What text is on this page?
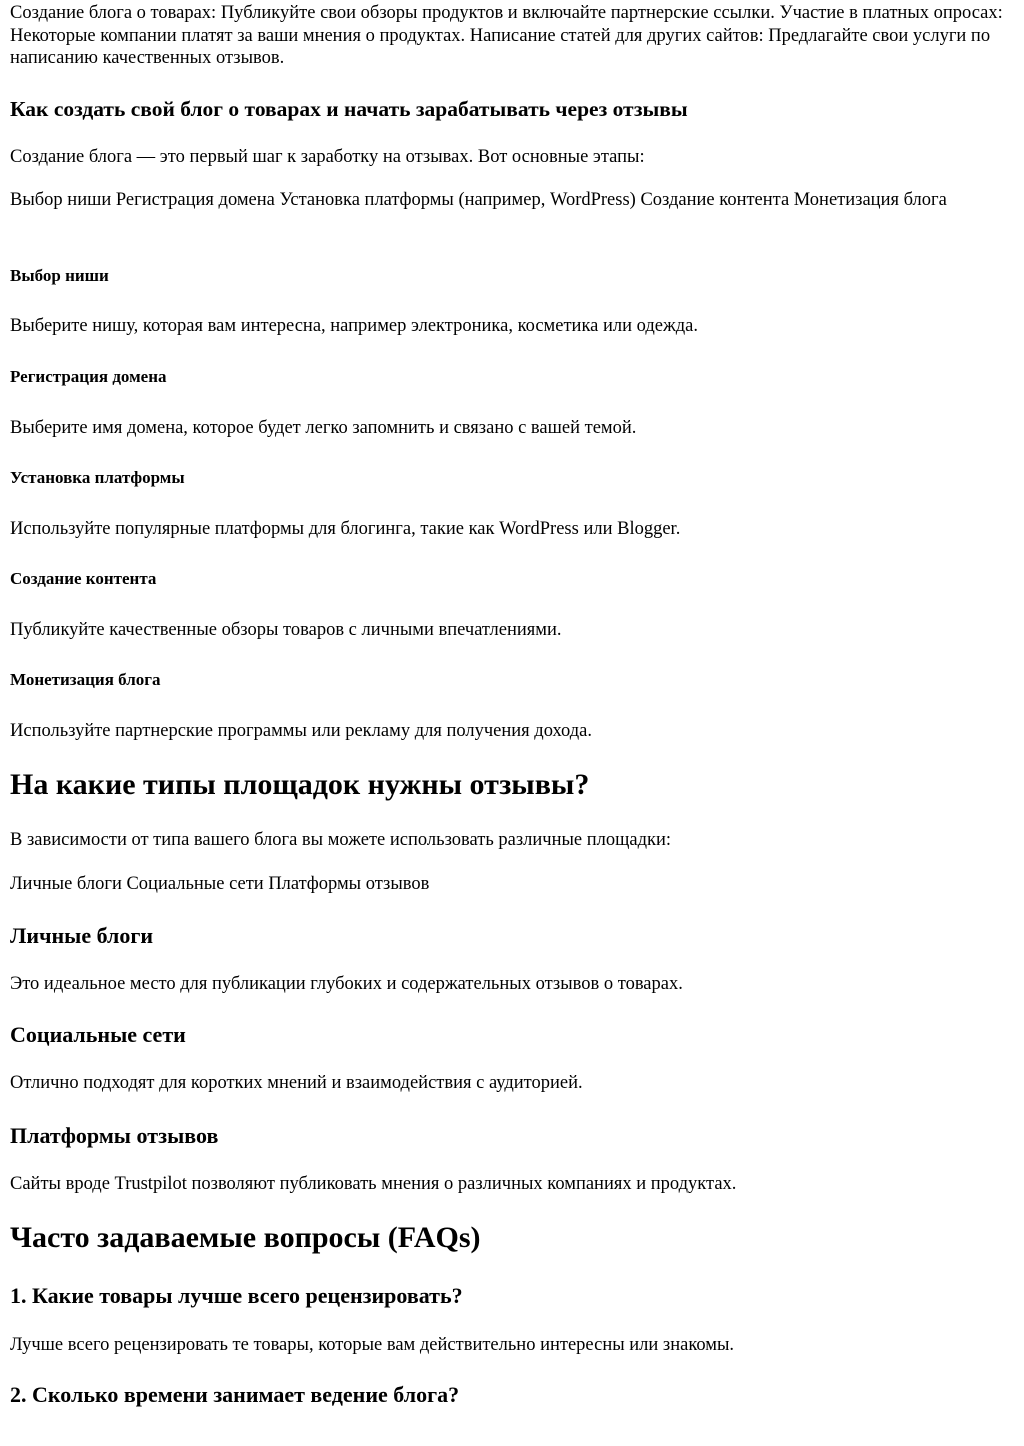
Создание блога о товарах: Публикуйте свои обзоры продуктов и включайте партнерские ссылки. Участие в платных опросах: Некоторые компании платят за ваши мнения о продуктах. Написание статей для других сайтов: Предлагайте свои услуги по написанию качественных отзывов.

Как создать свой блог о товарах и начать зарабатывать через отзывы

Создание блога — это первый шаг к заработку на отзывах. Вот основные этапы:

Выбор ниши Регистрация домена Установка платформы (например, WordPress) Создание контента Монетизация блога

Выбор ниши

Выберите нишу, которая вам интересна, например электроника, косметика или одежда.

Регистрация домена

Выберите имя домена, которое будет легко запомнить и связано с вашей темой.

Установка платформы

Используйте популярные платформы для блогинга, такие как WordPress или Blogger.

Создание контента

Публикуйте качественные обзоры товаров с личными впечатлениями.

Монетизация блога

Используйте партнерские программы или рекламу для получения дохода.

На какие типы площадок нужны отзывы?

В зависимости от типа вашего блога вы можете использовать различные площадки:

Личные блоги Социальные сети Платформы отзывов

Личные блоги

Это идеальное место для публикации глубоких и содержательных отзывов о товарах.

Социальные сети

Отлично подходят для коротких мнений и взаимодействия с аудиторией.

Платформы отзывов

Сайты вроде Trustpilot позволяют публиковать мнения о различных компаниях и продуктах.

Часто задаваемые вопросы (FAQs)
1. Какие товары лучше всего рецензировать?

Лучше всего рецензировать те товары, которые вам действительно интересны или знакомы.

2. Сколько времени занимает ведение блога?
